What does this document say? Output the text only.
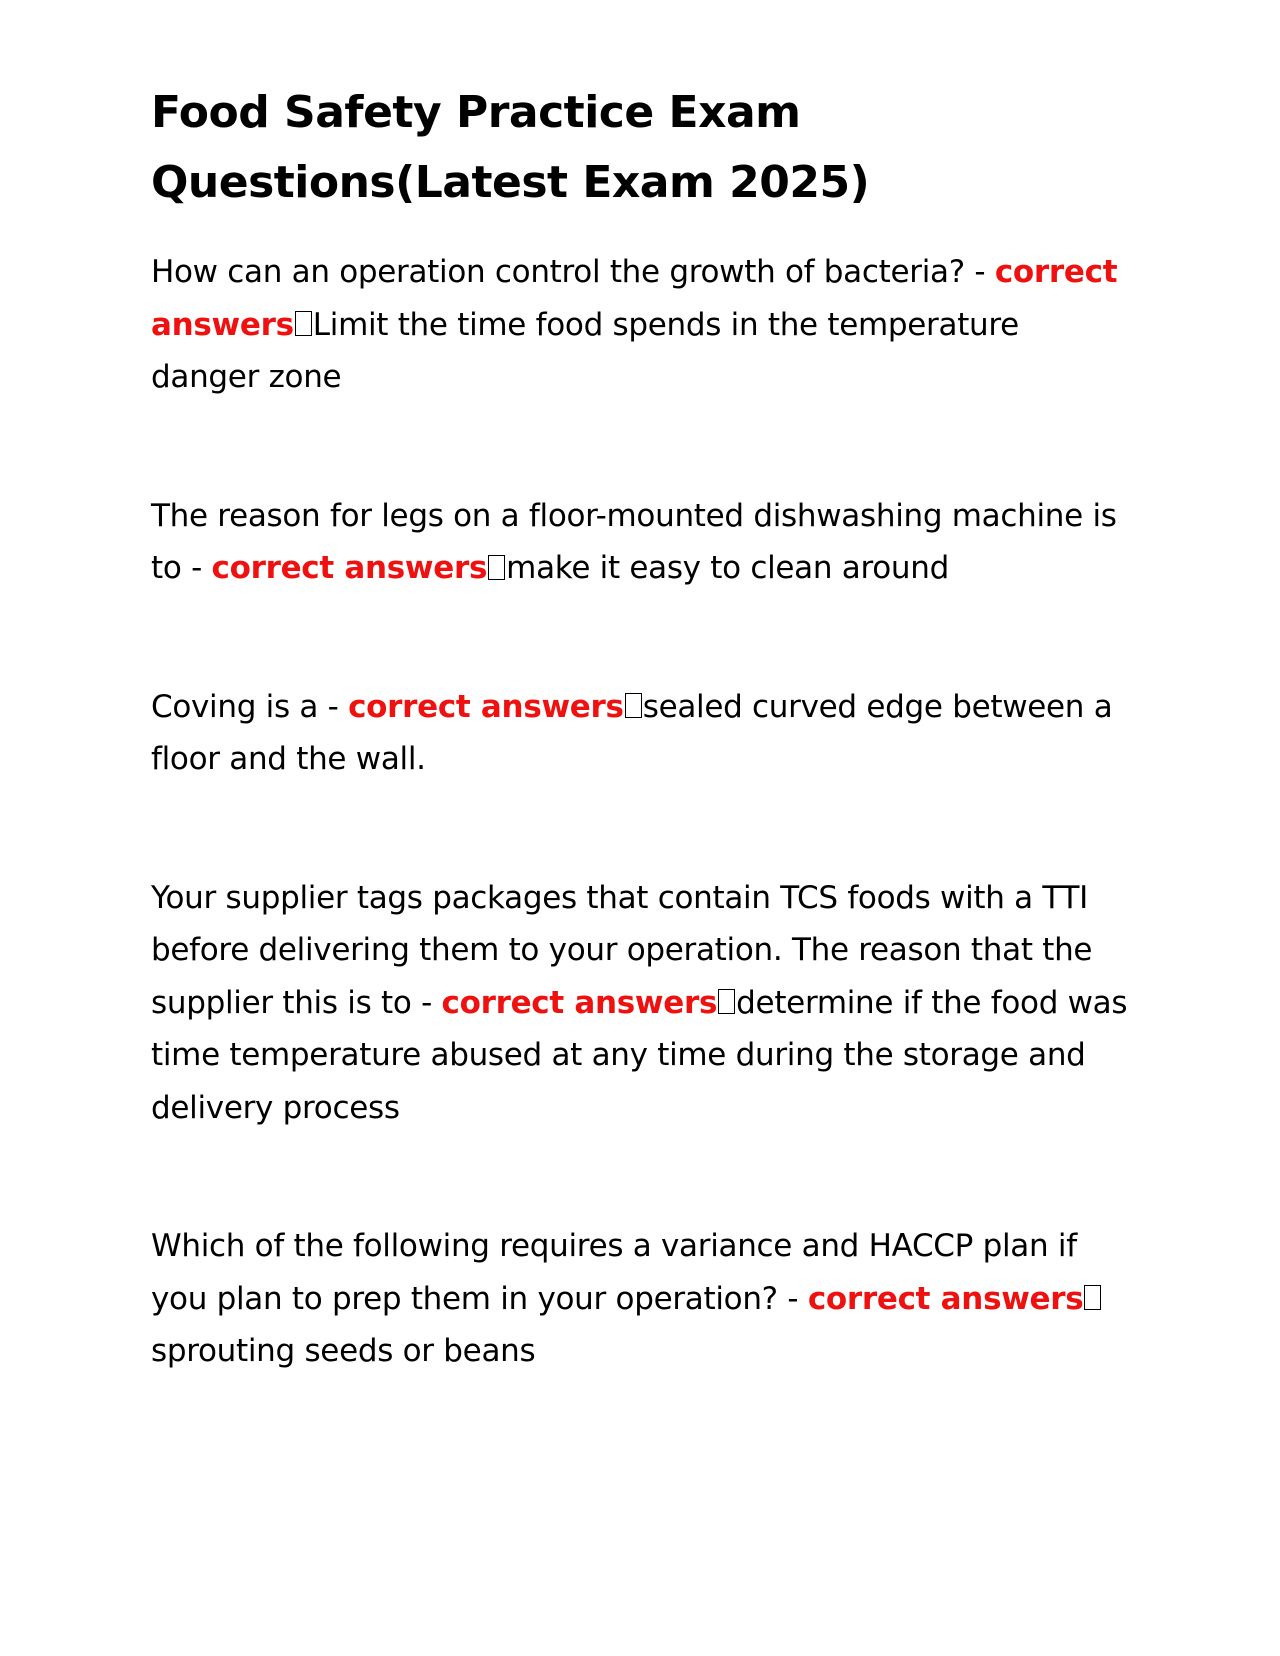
Food Safety Practice Exam Questions(Latest Exam 2025)

How can an operation control the growth of bacteria? - correct answers Limit the time food spends in the temperature danger zone

The reason for legs on a floor-mounted dishwashing machine is to - correct answers make it easy to clean around

Coving is a - correct answers sealed curved edge between a floor and the wall.

Your supplier tags packages that contain TCS foods with a TTI before delivering them to your operation. The reason that the supplier this is to - correct answers determine if the food was time temperature abused at any time during the storage and delivery process

Which of the following requires a variance and HACCP plan if you plan to prep them in your operation? - correct answerssprouting seeds or beans
